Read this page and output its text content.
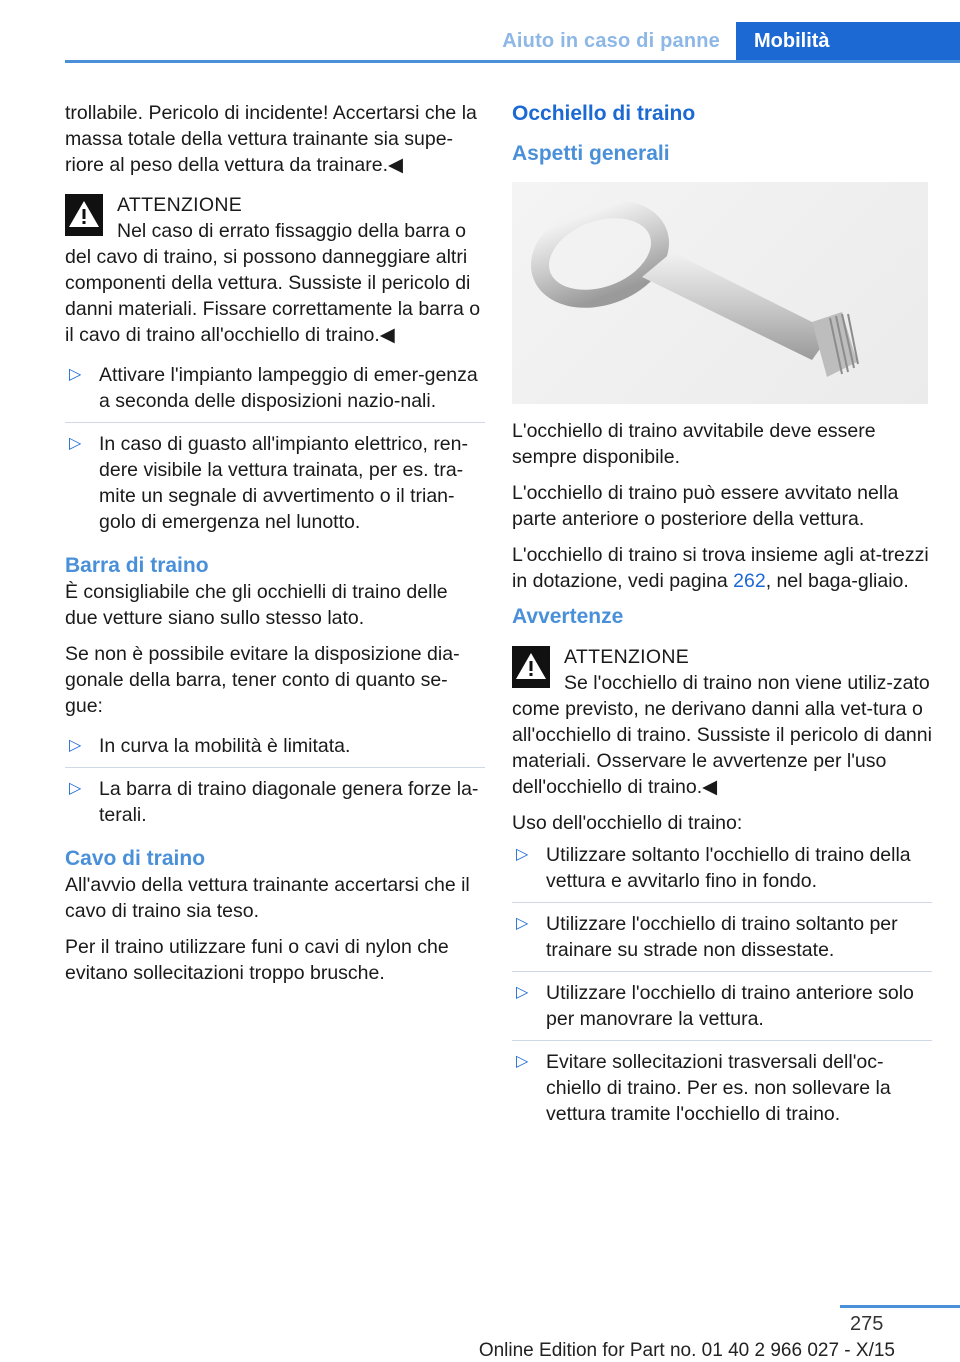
Aiuto in caso di panne	Mobilità

trollabile. Pericolo di incidente! Accertarsi che la massa totale della vettura trainante sia supe‐riore al peso della vettura da trainare.◀

ATTENZIONE
Nel caso di errato fissaggio della barra o del cavo di traino, si possono danneggiare altri componenti della vettura. Sussiste il pericolo di danni materiali. Fissare correttamente la barra o il cavo di traino all'occhiello di traino.◀
▷ Attivare l'impianto lampeggio di emer‐genza a seconda delle disposizioni nazio‐nali.
▷ In caso di guasto all'impianto elettrico, ren‐dere visibile la vettura trainata, per es. tra‐mite un segnale di avvertimento o il trian‐golo di emergenza nel lunotto.
Barra di traino

È consigliabile che gli occhielli di traino delle due vetture siano sullo stesso lato.

Se non è possibile evitare la disposizione dia‐gonale della barra, tener conto di quanto se‐gue:

▷ In curva la mobilità è limitata.
▷ La barra di traino diagonale genera forze la‐terali.
Cavo di traino

All'avvio della vettura trainante accertarsi che il cavo di traino sia teso.

Per il traino utilizzare funi o cavi di nylon che evitano sollecitazioni troppo brusche.

Occhiello di traino
Aspetti generali

L'occhiello di traino avvitabile deve essere sempre disponibile.

L'occhiello di traino può essere avvitato nella parte anteriore o posteriore della vettura.

L'occhiello di traino si trova insieme agli at‐trezzi in dotazione, vedi pagina 262, nel baga‐gliaio.

Avvertenze
ATTENZIONE
Se l'occhiello di traino non viene utiliz‐zato come previsto, ne derivano danni alla vet‐tura o all'occhiello di traino. Sussiste il pericolo di danni materiali. Osservare le avvertenze per l'uso dell'occhiello di traino.◀

Uso dell'occhiello di traino:

▷ Utilizzare soltanto l'occhiello di traino della vettura e avvitarlo fino in fondo.
▷ Utilizzare l'occhiello di traino soltanto per trainare su strade non dissestate.
▷ Utilizzare l'occhiello di traino anteriore solo per manovrare la vettura.
▷ Evitare sollecitazioni trasversali dell'oc‐chiello di traino. Per es. non sollevare la vettura tramite l'occhiello di traino.
275
Online Edition for Part no. 01 40 2 966 027 - X/15
